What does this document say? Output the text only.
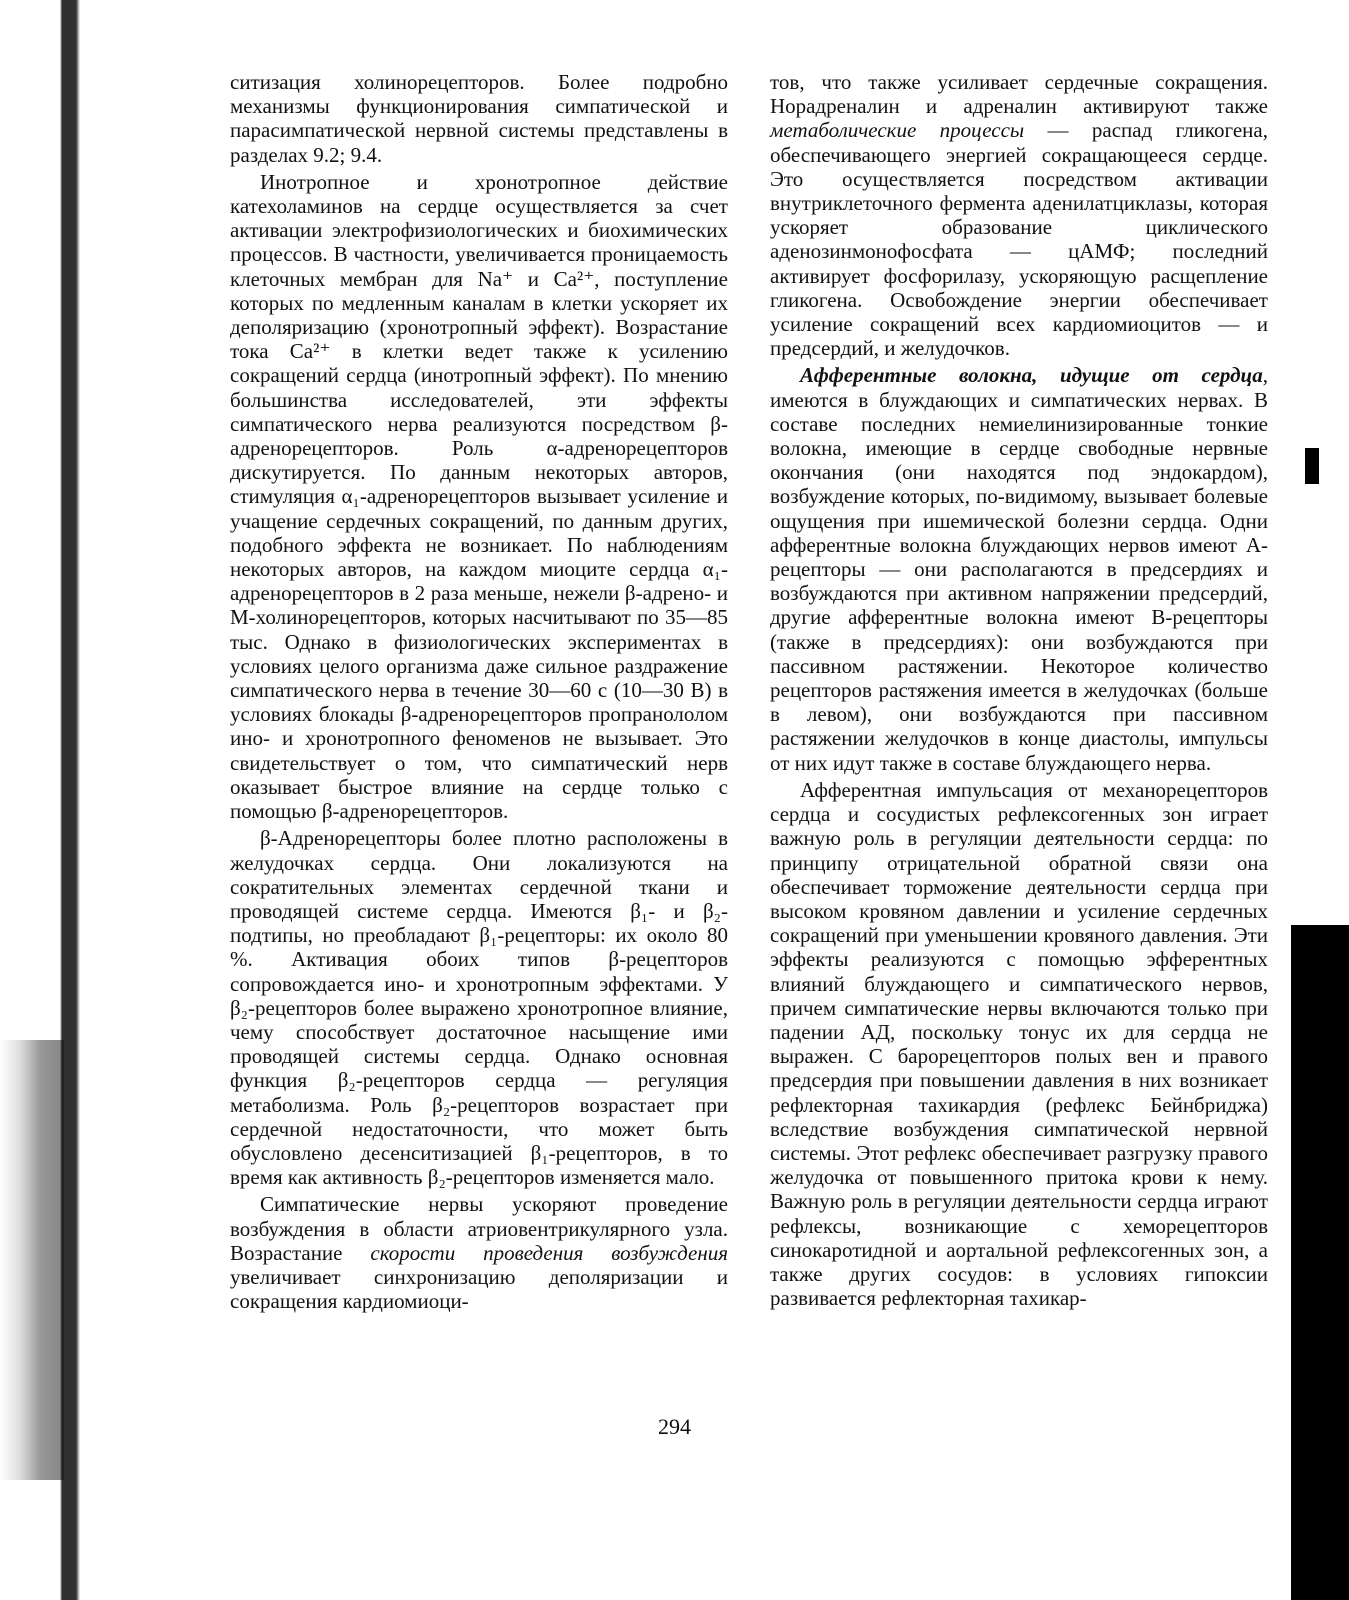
ситизация холинорецепторов. Более подробно механизмы функционирования симпатической и парасимпатической нервной системы представлены в разделах 9.2; 9.4.

Инотропное и хронотропное действие катехоламинов на сердце осуществляется за счет активации электрофизиологических и биохимических процессов. В частности, увеличивается проницаемость клеточных мембран для Na⁺ и Ca²⁺, поступление которых по медленным каналам в клетки ускоряет их деполяризацию (хронотропный эффект). Возрастание тока Ca²⁺ в клетки ведет также к усилению сокращений сердца (инотропный эффект). По мнению большинства исследователей, эти эффекты симпатического нерва реализуются посредством β-адренорецепторов. Роль α-адренорецепторов дискутируется. По данным некоторых авторов, стимуляция α₁-адренорецепторов вызывает усиление и учащение сердечных сокращений, по данным других, подобного эффекта не возникает. По наблюдениям некоторых авторов, на каждом миоците сердца α₁-адренорецепторов в 2 раза меньше, нежели β-адрено- и М-холинорецепторов, которых насчитывают по 35—85 тыс. Однако в физиологических экспериментах в условиях целого организма даже сильное раздражение симпатического нерва в течение 30—60 с (10—30 В) в условиях блокады β-адренорецепторов пропранололом ино- и хронотропного феноменов не вызывает. Это свидетельствует о том, что симпатический нерв оказывает быстрое влияние на сердце только с помощью β-адренорецепторов.

β-Адренорецепторы более плотно расположены в желудочках сердца. Они локализуются на сократительных элементах сердечной ткани и проводящей системе сердца. Имеются β₁- и β₂-подтипы, но преобладают β₁-рецепторы: их около 80 %. Активация обоих типов β-рецепторов сопровождается ино- и хронотропным эффектами. У β₂-рецепторов более выражено хронотропное влияние, чему способствует достаточное насыщение ими проводящей системы сердца. Однако основная функция β₂-рецепторов сердца — регуляция метаболизма. Роль β₂-рецепторов возрастает при сердечной недостаточности, что может быть обусловлено десенситизацией β₁-рецепторов, в то время как активность β₂-рецепторов изменяется мало.

Симпатические нервы ускоряют проведение возбуждения в области атриовентрикулярного узла. Возрастание скорости проведения возбуждения увеличивает синхронизацию деполяризации и сокращения кардиомиоци-

тов, что также усиливает сердечные сокращения. Норадреналин и адреналин активируют также метаболические процессы — распад гликогена, обеспечивающего энергией сокращающееся сердце. Это осуществляется посредством активации внутриклеточного фермента аденилатциклазы, которая ускоряет образование циклического аденозинмонофосфата — цАМФ; последний активирует фосфорилазу, ускоряющую расщепление гликогена. Освобождение энергии обеспечивает усиление сокращений всех кардиомиоцитов — и предсердий, и желудочков.

Афферентные волокна, идущие от сердца, имеются в блуждающих и симпатических нервах. В составе последних немиелинизированные тонкие волокна, имеющие в сердце свободные нервные окончания (они находятся под эндокардом), возбуждение которых, по-видимому, вызывает болевые ощущения при ишемической болезни сердца. Одни афферентные волокна блуждающих нервов имеют А-рецепторы — они располагаются в предсердиях и возбуждаются при активном напряжении предсердий, другие афферентные волокна имеют В-рецепторы (также в предсердиях): они возбуждаются при пассивном растяжении. Некоторое количество рецепторов растяжения имеется в желудочках (больше в левом), они возбуждаются при пассивном растяжении желудочков в конце диастолы, импульсы от них идут также в составе блуждающего нерва.

Афферентная импульсация от механорецепторов сердца и сосудистых рефлексогенных зон играет важную роль в регуляции деятельности сердца: по принципу отрицательной обратной связи она обеспечивает торможение деятельности сердца при высоком кровяном давлении и усиление сердечных сокращений при уменьшении кровяного давления. Эти эффекты реализуются с помощью эфферентных влияний блуждающего и симпатического нервов, причем симпатические нервы включаются только при падении АД, поскольку тонус их для сердца не выражен. С барорецепторов полых вен и правого предсердия при повышении давления в них возникает рефлекторная тахикардия (рефлекс Бейнбриджа) вследствие возбуждения симпатической нервной системы. Этот рефлекс обеспечивает разгрузку правого желудочка от повышенного притока крови к нему. Важную роль в регуляции деятельности сердца играют рефлексы, возникающие с хеморецепторов синокаротидной и аортальной рефлексогенных зон, а также других сосудов: в условиях гипоксии развивается рефлекторная тахикар-

294
